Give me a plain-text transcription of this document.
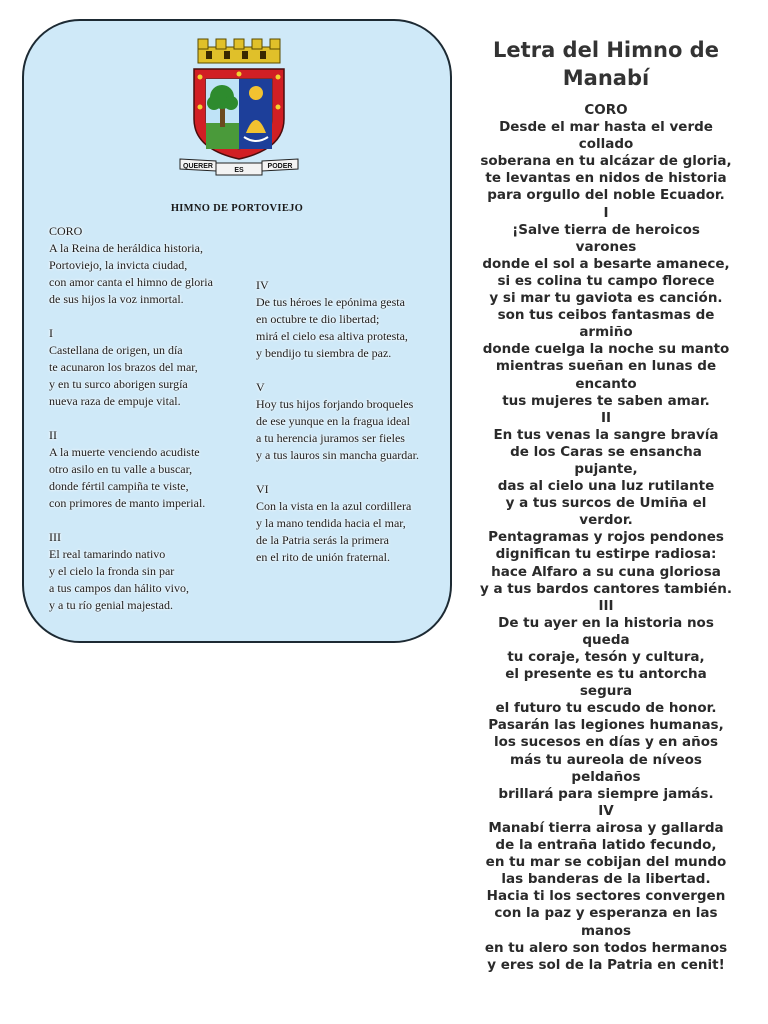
QUERER
ES
PODER
HIMNO DE PORTOVIEJO

CORO

A la Reina de heráldica historia,

Portoviejo, la invicta ciudad,

con amor canta el himno de gloria

de sus hijos la voz inmortal.

I

Castellana de origen, un día

te acunaron los brazos del mar,

y en tu surco aborigen surgía

nueva raza de empuje vital.

II

A la muerte venciendo acudiste

otro asilo en tu valle a buscar,

donde fértil campiña te viste,

con primores de manto imperial.

III

El real tamarindo nativo

y el cielo la fronda sin par

a tus campos dan hálito vivo,

y a tu río genial majestad.

IV

De tus héroes le epónima gesta

en octubre te dio libertad;

mirá el cielo esa altiva protesta,

y bendijo tu siembra de paz.

V

Hoy tus hijos forjando broqueles

de ese yunque en la fragua ideal

a tu herencia juramos ser fieles

y a tus lauros sin mancha guardar.

VI

Con la vista en la azul cordillera

y la mano tendida hacia el mar,

de la Patria serás la primera

en el rito de unión fraternal.

Letra del Himno de
Manabí

CORO

Desde el mar hasta el verde

collado

soberana en tu alcázar de gloria,

te levantas en nidos de historia

para orgullo del noble Ecuador.

I

¡Salve tierra de heroicos

varones

donde el sol a besarte amanece,

si es colina tu campo florece

y si mar tu gaviota es canción.

son tus ceibos fantasmas de

armiño

donde cuelga la noche su manto

mientras sueñan en lunas de

encanto

tus mujeres te saben amar.

II

En tus venas la sangre bravía

de los Caras se ensancha

pujante,

das al cielo una luz rutilante

y a tus surcos de Umiña el

verdor.

Pentagramas y rojos pendones

dignifican tu estirpe radiosa:

hace Alfaro a su cuna gloriosa

y a tus bardos cantores también.

III

De tu ayer en la historia nos

queda

tu coraje, tesón y cultura,

el presente es tu antorcha

segura

el futuro tu escudo de honor.

Pasarán las legiones humanas,

los sucesos en días y en años

más tu aureola de níveos

peldaños

brillará para siempre jamás.

IV

Manabí tierra airosa y gallarda

de la entraña latido fecundo,

en tu mar se cobijan del mundo

las banderas de la libertad.

Hacia ti los sectores convergen

con la paz y esperanza en las

manos

en tu alero son todos hermanos

y eres sol de la Patria en cenit!
